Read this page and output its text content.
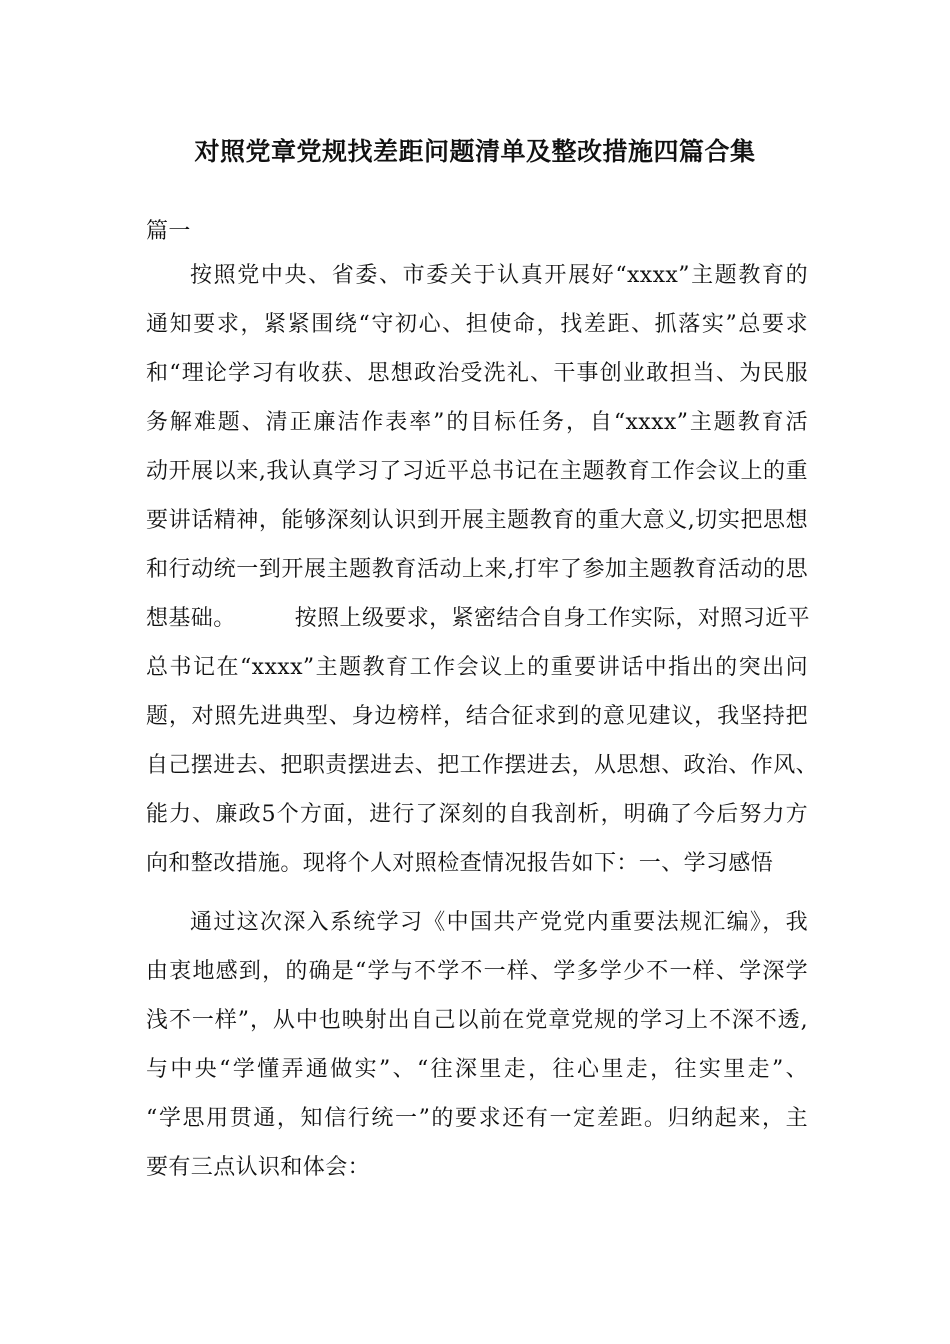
对照党章党规找差距问题清单及整改措施四篇合集
篇一
按照党中央、省委、市委关于认真开展好“xxxx”主题教育的
通知要求，紧紧围绕“守初心、担使命，找差距、抓落实”总要求
和“理论学习有收获、思想政治受洗礼、干事创业敢担当、为民服
务解难题、清正廉洁作表率”的目标任务，自“xxxx”主题教育活
动开展以来,我认真学习了习近平总书记在主题教育工作会议上的重
要讲话精神，能够深刻认识到开展主题教育的重大意义,切实把思想
和行动统一到开展主题教育活动上来,打牢了参加主题教育活动的思
想基础。        按照上级要求，紧密结合自身工作实际，对照习近平
总书记在“xxxx”主题教育工作会议上的重要讲话中指出的突出问
题，对照先进典型、身边榜样，结合征求到的意见建议，我坚持把
自己摆进去、把职责摆进去、把工作摆进去，从思想、政治、作风、
能力、廉政5个方面，进行了深刻的自我剖析，明确了今后努力方
向和整改措施。现将个人对照检查情况报告如下：一、学习感悟
通过这次深入系统学习《中国共产党党内重要法规汇编》，我
由衷地感到，的确是“学与不学不一样、学多学少不一样、学深学
浅不一样”，从中也映射出自己以前在党章党规的学习上不深不透,
与中央“学懂弄通做实”、“往深里走，往心里走，往实里走”、
“学思用贯通，知信行统一”的要求还有一定差距。归纳起来，主
要有三点认识和体会：
